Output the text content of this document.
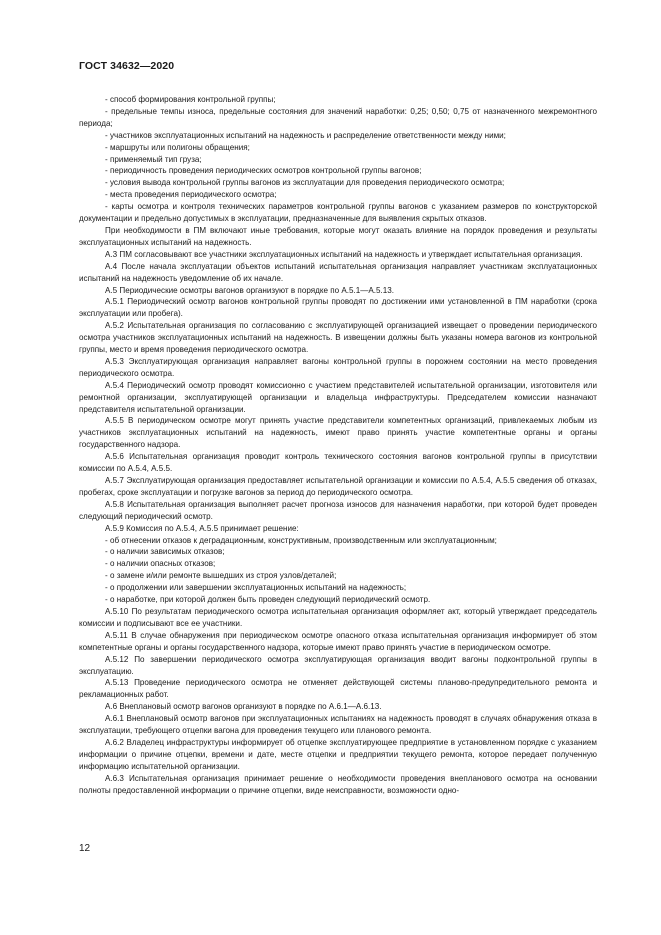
ГОСТ 34632—2020

- способ формирования контрольной группы;

- предельные темпы износа, предельные состояния для значений наработки: 0,25; 0,50; 0,75 от назначенного межремонтного периода;

- участников эксплуатационных испытаний на надежность и распределение ответственности между ними;

- маршруты или полигоны обращения;

- применяемый тип груза;

- периодичность проведения периодических осмотров контрольной группы вагонов;

- условия вывода контрольной группы вагонов из эксплуатации для проведения периодического осмотра;

- места проведения периодического осмотра;

- карты осмотра и контроля технических параметров контрольной группы вагонов с указанием размеров по конструкторской документации и предельно допустимых в эксплуатации, предназначенные для выявления скрытых отказов.

При необходимости в ПМ включают иные требования, которые могут оказать влияние на порядок проведения и результаты эксплуатационных испытаний на надежность.

А.3 ПМ согласовывают все участники эксплуатационных испытаний на надежность и утверждает испытательная организация.

А.4 После начала эксплуатации объектов испытаний испытательная организация направляет участникам эксплуатационных испытаний на надежность уведомление об их начале.

А.5 Периодические осмотры вагонов организуют в порядке по А.5.1—А.5.13.

А.5.1 Периодический осмотр вагонов контрольной группы проводят по достижении ими установленной в ПМ наработки (срока эксплуатации или пробега).

А.5.2 Испытательная организация по согласованию с эксплуатирующей организацией извещает о проведении периодического осмотра участников эксплуатационных испытаний на надежность. В извещении должны быть указаны номера вагонов из контрольной группы, место и время проведения периодического осмотра.

А.5.3 Эксплуатирующая организация направляет вагоны контрольной группы в порожнем состоянии на место проведения периодического осмотра.

А.5.4 Периодический осмотр проводят комиссионно с участием представителей испытательной организации, изготовителя или ремонтной организации, эксплуатирующей организации и владельца инфраструктуры. Председателем комиссии назначают представителя испытательной организации.

А.5.5 В периодическом осмотре могут принять участие представители компетентных организаций, привлекаемых любым из участников эксплуатационных испытаний на надежность, имеют право принять участие компетентные органы и органы государственного надзора.

А.5.6 Испытательная организация проводит контроль технического состояния вагонов контрольной группы в присутствии комиссии по А.5.4, А.5.5.

А.5.7 Эксплуатирующая организация предоставляет испытательной организации и комиссии по А.5.4, А.5.5 сведения об отказах, пробегах, сроке эксплуатации и погрузке вагонов за период до периодического осмотра.

А.5.8 Испытательная организация выполняет расчет прогноза износов для назначения наработки, при которой будет проведен следующий периодический осмотр.

А.5.9 Комиссия по А.5.4, А.5.5 принимает решение:

- об отнесении отказов к деградационным, конструктивным, производственным или эксплуатационным;

- о наличии зависимых отказов;

- о наличии опасных отказов;

- о замене и/или ремонте вышедших из строя узлов/деталей;

- о продолжении или завершении эксплуатационных испытаний на надежность;

- о наработке, при которой должен быть проведен следующий периодический осмотр.

А.5.10 По результатам периодического осмотра испытательная организация оформляет акт, который утверждает председатель комиссии и подписывают все ее участники.

А.5.11 В случае обнаружения при периодическом осмотре опасного отказа испытательная организация информирует об этом компетентные органы и органы государственного надзора, которые имеют право принять участие в периодическом осмотре.

А.5.12 По завершении периодического осмотра эксплуатирующая организация вводит вагоны подконтрольной группы в эксплуатацию.

А.5.13 Проведение периодического осмотра не отменяет действующей системы планово-предупредительного ремонта и рекламационных работ.

А.6 Внеплановый осмотр вагонов организуют в порядке по А.6.1—А.6.13.

А.6.1 Внеплановый осмотр вагонов при эксплуатационных испытаниях на надежность проводят в случаях обнаружения отказа в эксплуатации, требующего отцепки вагона для проведения текущего или планового ремонта.

А.6.2 Владелец инфраструктуры информирует об отцепке эксплуатирующее предприятие в установленном порядке с указанием информации о причине отцепки, времени и дате, месте отцепки и предприятии текущего ремонта, которое передает полученную информацию испытательной организации.

А.6.3 Испытательная организация принимает решение о необходимости проведения внепланового осмотра на основании полноты предоставленной информации о причине отцепки, виде неисправности, возможности одно-

12
